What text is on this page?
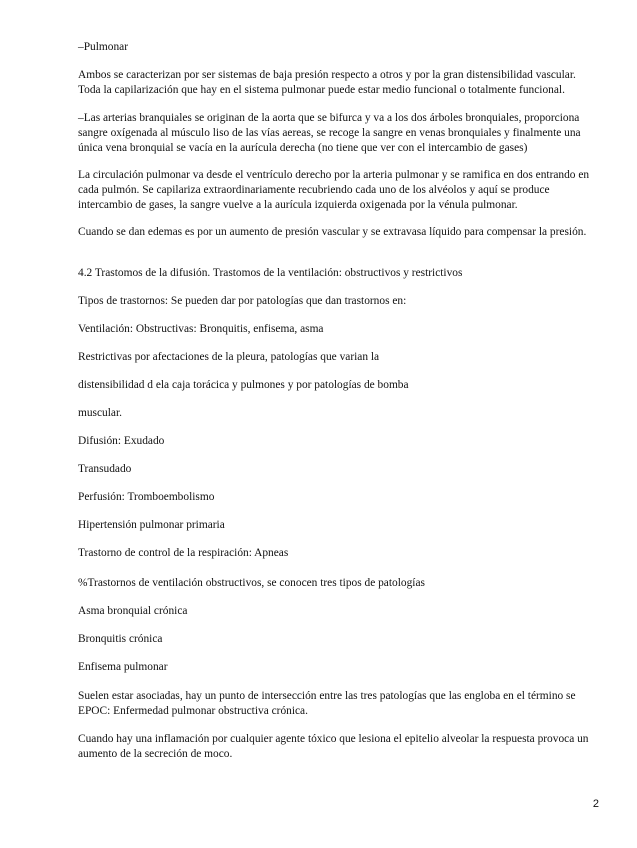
–Pulmonar

Ambos se caracterizan por ser sistemas de baja presión respecto a otros y por la gran distensibilidad vascular. Toda la capilarización que hay en el sistema pulmonar puede estar medio funcional o totalmente funcional.

–Las arterias branquiales se originan de la aorta que se bifurca y va a los dos árboles bronquiales, proporciona sangre oxígenada al músculo liso de las vías aereas, se recoge la sangre en venas bronquiales y finalmente una única vena bronquial se vacía en la aurícula derecha (no tiene que ver con el intercambio de gases)

La circulación pulmonar va desde el ventrículo derecho por la arteria pulmonar y se ramifica en dos entrando en cada pulmón. Se capilariza extraordinariamente recubriendo cada uno de los alvéolos y aquí se produce intercambio de gases, la sangre vuelve a la aurícula izquierda oxigenada por la vénula pulmonar.

Cuando se dan edemas es por un aumento de presión vascular y se extravasa líquido para compensar la presión.

4.2 Trastomos de la difusión. Trastomos de la ventilación: obstructivos y restrictivos

Tipos de trastornos: Se pueden dar por patologías que dan trastornos en:

Ventilación: Obstructivas: Bronquitis, enfisema, asma

Restrictivas por afectaciones de la pleura, patologías que varian la

distensibilidad d ela caja torácica y pulmones y por patologías de bomba

muscular.

Difusión: Exudado

Transudado

Perfusión: Tromboembolismo

Hipertensión pulmonar primaria

Trastorno de control de la respiración: Apneas

%Trastornos de ventilación obstructivos, se conocen tres tipos de patologías

Asma bronquial crónica

Bronquitis crónica

Enfisema pulmonar

Suelen estar asociadas, hay un punto de intersección entre las tres patologías que las engloba en el término se EPOC: Enfermedad pulmonar obstructiva crónica.

Cuando hay una inflamación por cualquier agente tóxico que lesiona el epitelio alveolar la respuesta provoca un aumento de la secreción de moco.

2
